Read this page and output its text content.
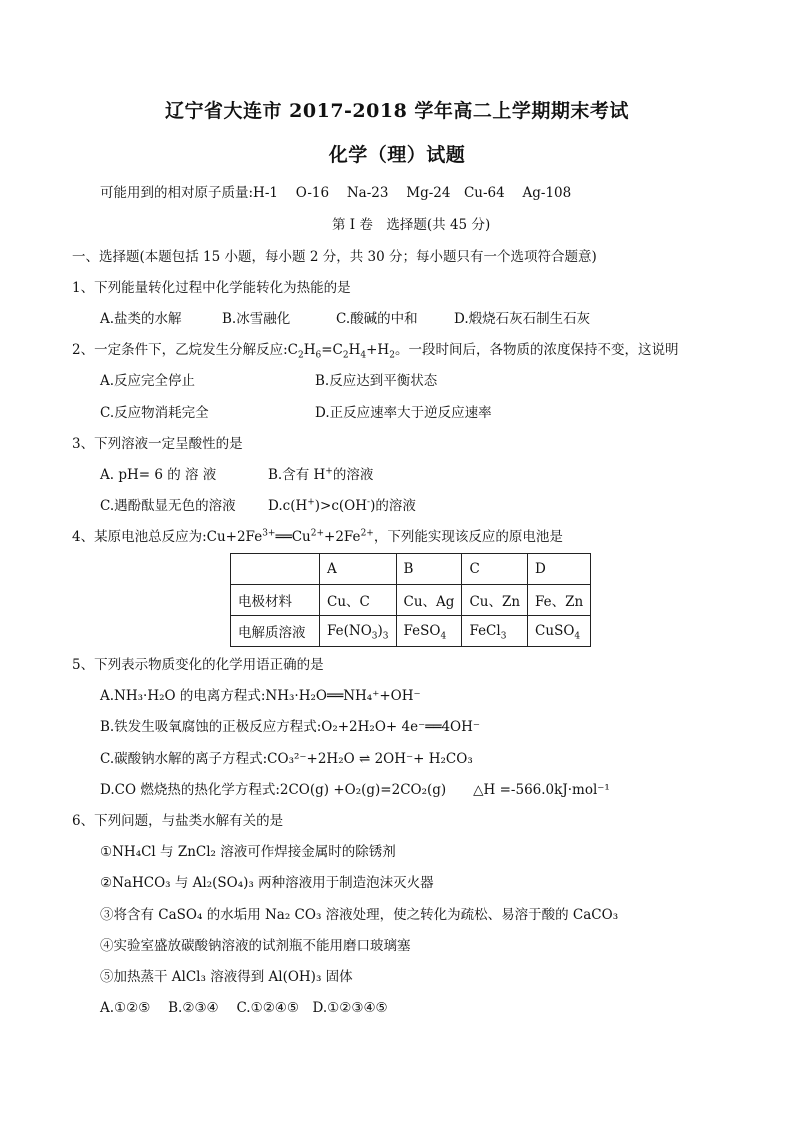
辽宁省大连市 2017-2018 学年高二上学期期末考试
化学（理）试题
可能用到的相对原子质量:H-1　 O-16　 Na-23　 Mg-24　Cu-64　 Ag-108
第 I 卷　选择题(共 45 分)
一、选择题(本题包括 15 小题，每小题 2 分，共 30 分；每小题只有一个选项符合题意)
1、下列能量转化过程中化学能转化为热能的是
A.盐类的水解	B.冰雪融化	C.酸碱的中和	D.煅烧石灰石制生石灰
2、一定条件下，乙烷发生分解反应$:C_2H_6=C_2H_4+H_2$。一段时间后，各物质的浓度保持不变，这说明
A.反应完全停止	B.反应达到平衡状态
C.反应物消耗完全	D.正反应速率大于逆反应速率
3、下列溶液一定呈酸性的是
A. pH= 6 的 溶 液	B.含有 H+的溶液
C.遇酚酞显无色的溶液 D.c(H+)>c(OH-)的溶液
4、某原电池总反应为$:Cu+2Fe^{3+}══Cu^{2+}+2Fe^{2+}$，下列能实现该反应的原电池是
	A	B	C	D
电极材料	Cu、C	Cu、Ag	Cu、Zn	Fe、Zn
电解质溶液	$Fe(NO_3)_3$	FeSO$_4$	FeCl$_3$	CuSO$_4$
5、下列表示物质变化的化学用语正确的是
A.NH₃·H₂O 的电离方程式:NH₃·H₂O══NH₄⁺+OH⁻
B.铁发生吸氧腐蚀的正极反应方程式:O₂+2H₂O+ 4e⁻══4OH⁻
C.碳酸钠水解的离子方程式:CO₃²⁻+2H₂O ⇌ 2OH⁻+ H₂CO₃
D.CO 燃烧热的热化学方程式:2CO(g) +O₂(g)=2CO₂(g)　　△H =-566.0kJ·mol⁻¹
6、下列问题，与盐类水解有关的是
①NH₄Cl 与 ZnCl₂ 溶液可作焊接金属时的除锈剂
②NaHCO₃ 与 Al₂(SO₄)₃ 两种溶液用于制造泡沫灭火器
③将含有 CaSO₄ 的水垢用 Na₂ CO₃ 溶液处理，使之转化为疏松、易溶于酸的 CaCO₃
④实验室盛放碳酸钠溶液的试剂瓶不能用磨口玻璃塞
⑤加热蒸干 AlCl₃ 溶液得到 Al(OH)₃ 固体
A.①②⑤　 B.②③④　 C.①②④⑤　D.①②③④⑤
